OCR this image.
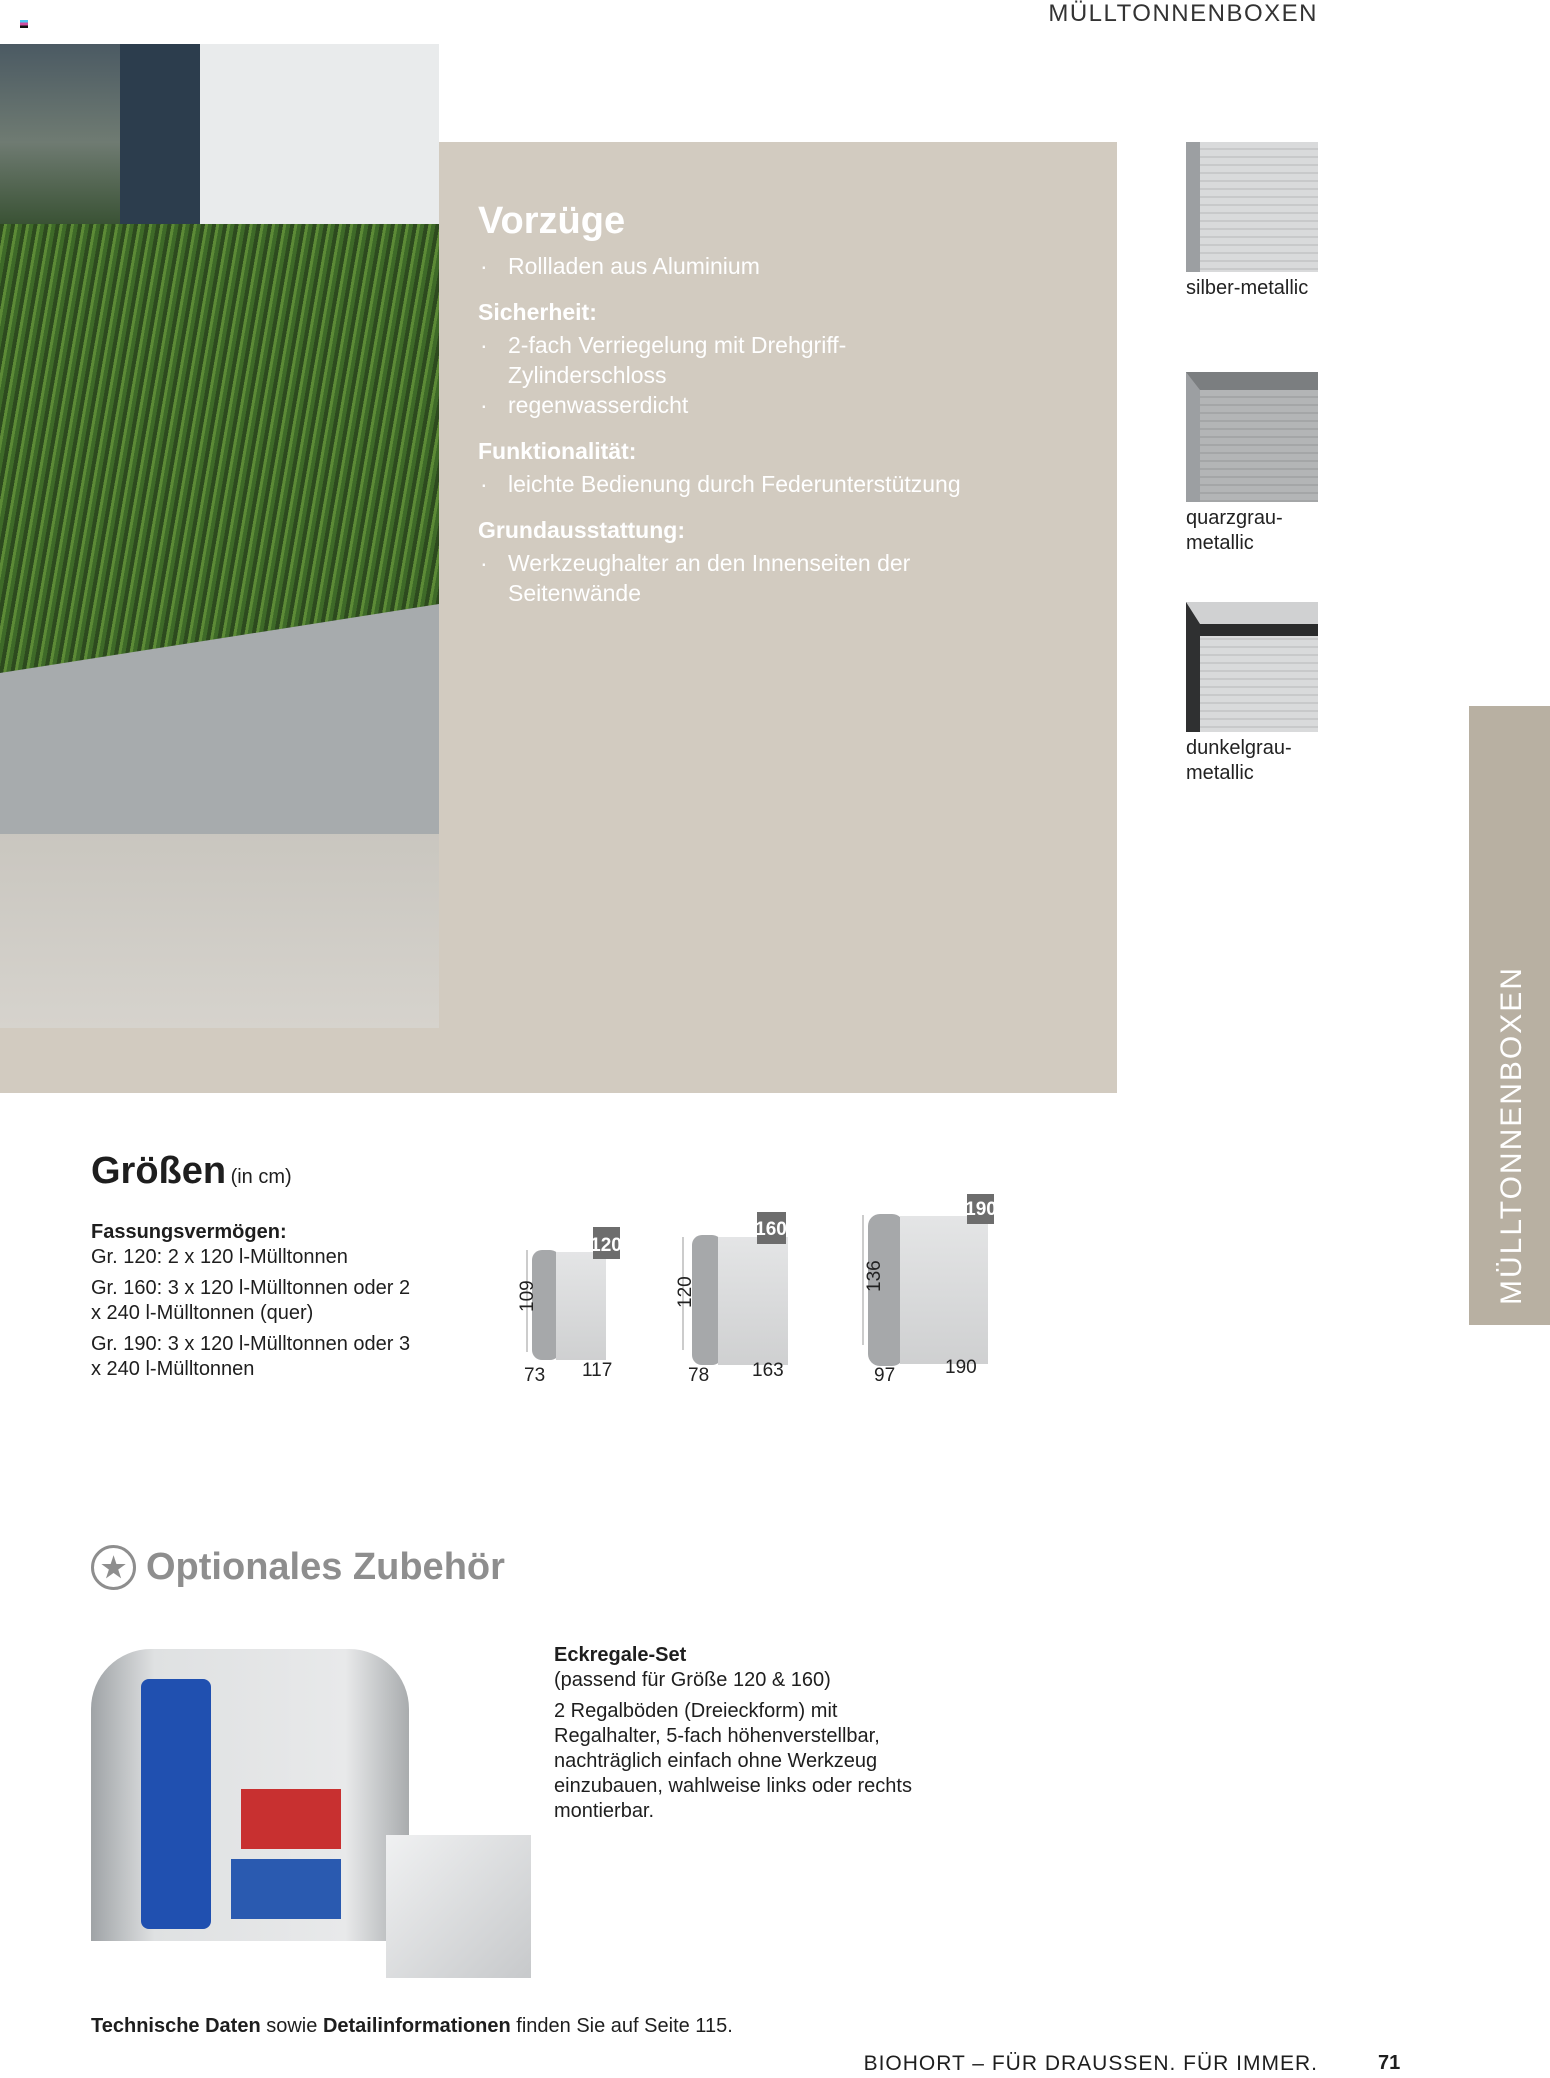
MÜLLTONNENBOXEN
Vorzüge
· Rollladen aus Aluminium
Sicherheit:
· 2-fach Verriegelung mit Drehgriff-Zylinderschloss
· regenwasserdicht
Funktionalität:
· leichte Bedienung durch Federunterstützung
Grundausstattung:
· Werkzeughalter an den Innenseiten der Seitenwände
silber-metallic
quarzgrau-metallic
dunkelgrau-metallic
MÜLLTONNENBOXEN
Größen (in cm)
Fassungsvermögen:
Gr. 120: 2 x 120 l-Mülltonnen
Gr. 160: 3 x 120 l-Mülltonnen oder 2 x 240 l-Mülltonnen (quer)
Gr. 190: 3 x 120 l-Mülltonnen oder 3 x 240 l-Mülltonnen
120
109
73 117
160
120
78 163
190
136
97	190
★ Optionales Zubehör
Eckregale-Set
(passend für Größe 120 & 160)
2 Regalböden (Dreieckform) mit Regalhalter, 5-fach höhenverstellbar, nachträglich einfach ohne Werkzeug einzubauen, wahlweise links oder rechts montierbar.
Technische Daten sowie Detailinformationen finden Sie auf Seite 115.
BIOHORT – FÜR DRAUSSEN. FÜR IMMER.	71
